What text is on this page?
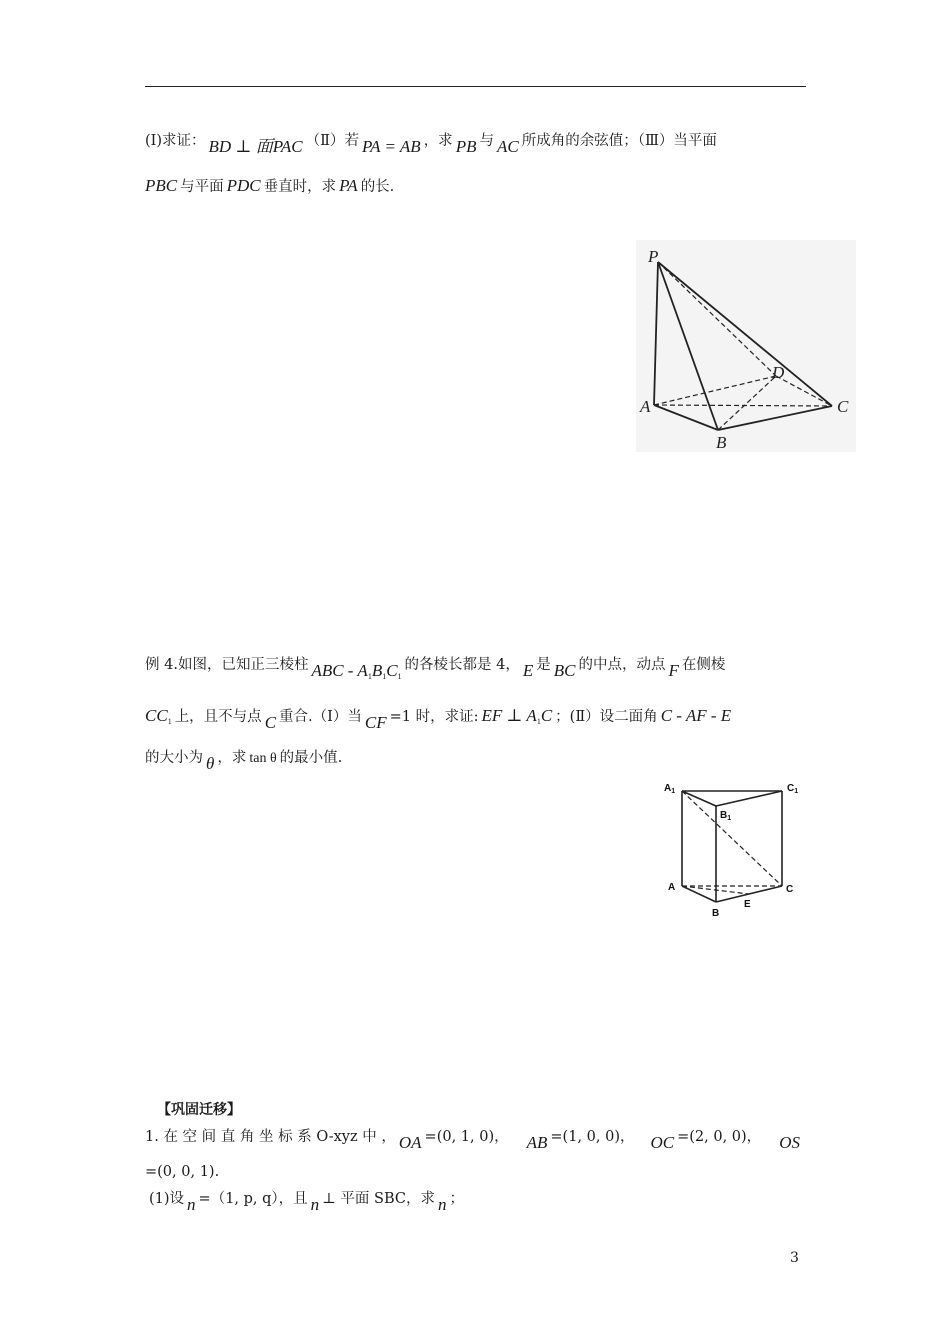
(Ⅰ)求证： BD ⊥ 面PAC （Ⅱ）若 PA = AB ，求 PB 与 AC 所成角的余弦值；（Ⅲ）当平面
PBC 与平面 PDC 垂直时，求 PA 的长.
P
A
B
C
D
例 4.如图，已知正三棱柱 ABC - A1B1C1的各棱长都是 4， E 是 BC 的中点，动点 F 在侧棱
CC1 上，且不与点 C 重合.（Ⅰ）当 CF =1 时，求证: EF ⊥ A1C ；(Ⅱ）设二面角 C - AF - E
的大小为 θ ，求 tan θ 的最小值.
$A_1$
$B_1$
$C_1$
A
B
C
E
【巩固迁移】
1. 在 空 间 直 角 坐 标 系 O-xyz 中 ， OA =(0, 1, 0)， AB =(1, 0, 0)， OC =(2, 0, 0)， OS
=(0, 0, 1).
(1)设 n =（1, p, q），且 n ⊥ 平面 SBC，求 n ；
3
